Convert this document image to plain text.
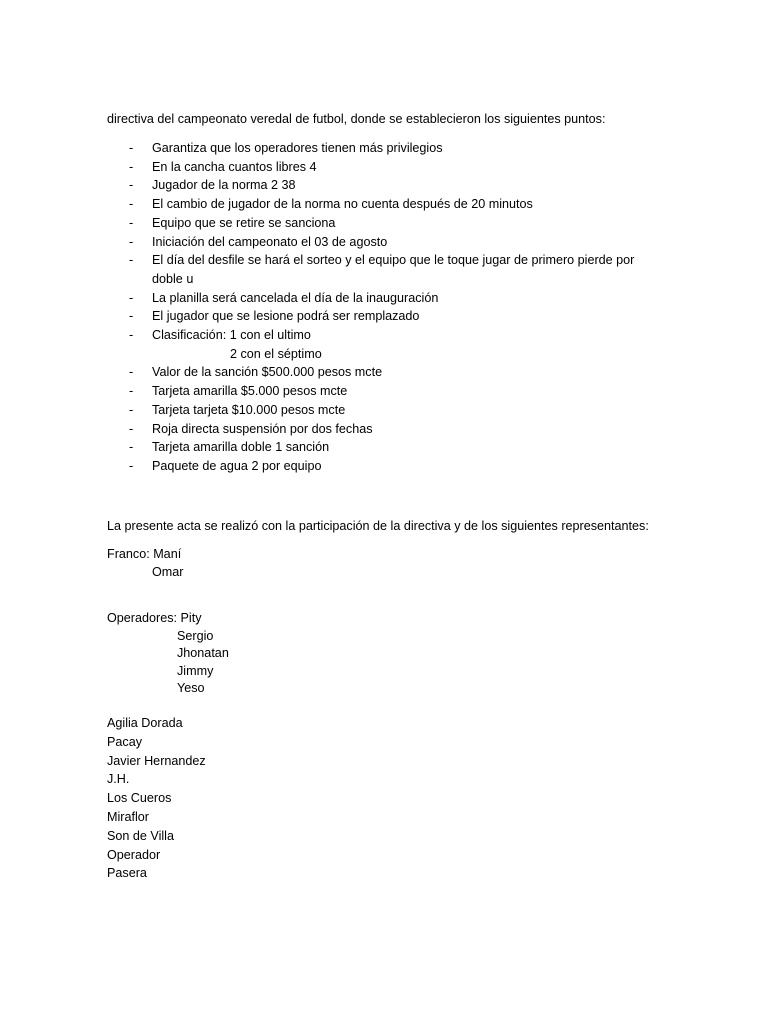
directiva del campeonato veredal de futbol, donde se establecieron los siguientes puntos:
- Garantiza que los operadores tienen más privilegios
- En la cancha cuantos libres 4
- Jugador de la norma 2 38
- El cambio de jugador de la norma no cuenta después de 20 minutos
- Equipo que se retire se sanciona
- Iniciación del campeonato el 03 de agosto
- El día del desfile se hará el sorteo y el equipo que le toque jugar de primero pierde por
doble u
- La planilla será cancelada el día de la inauguración
- El jugador que se lesione podrá ser remplazado
- Clasificación: 1 con el ultimo
2 con el séptimo
- Valor de la sanción $500.000 pesos mcte
- Tarjeta amarilla $5.000 pesos mcte
- Tarjeta tarjeta $10.000 pesos mcte
- Roja directa suspensión por dos fechas
- Tarjeta amarilla doble 1 sanción
- Paquete de agua 2 por equipo
La presente acta se realizó con la participación de la directiva y de los siguientes representantes:
Franco: Maní
Omar
Operadores: Pity
Sergio
Jhonatan
Jimmy
Yeso
Agilia Dorada
Pacay
Javier Hernandez
J.H.
Los Cueros
Miraflor
Son de Villa
Operador
Pasera
